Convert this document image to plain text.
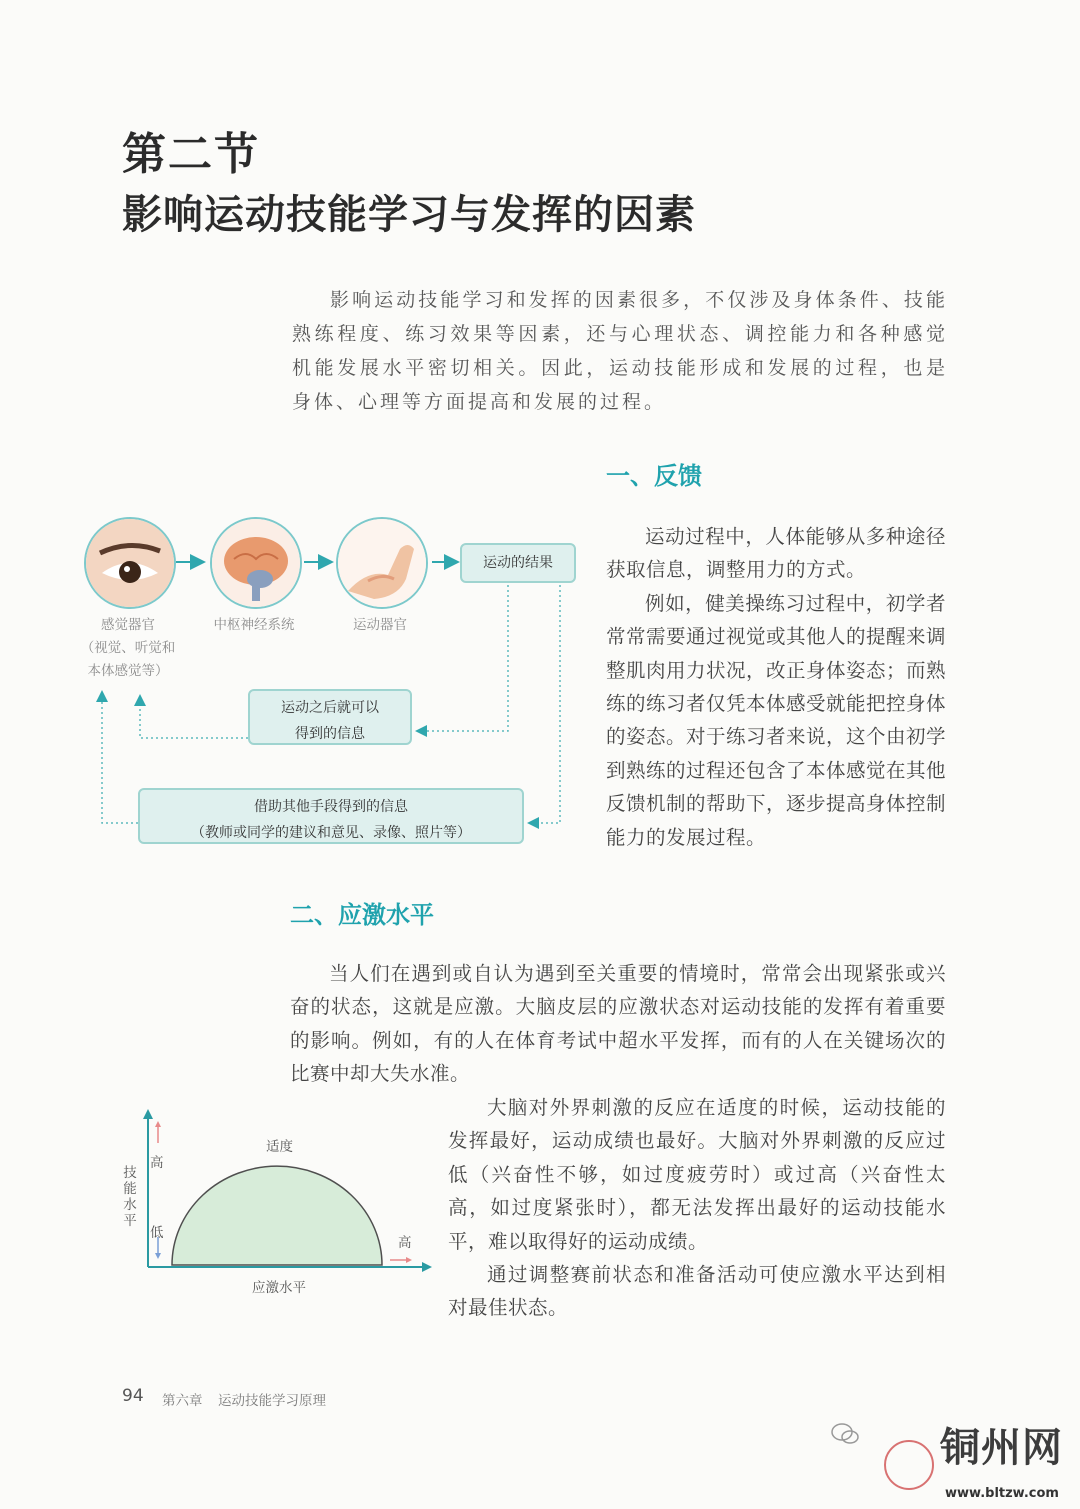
第二节
影响运动技能学习与发挥的因素

影响运动技能学习和发挥的因素很多，不仅涉及身体条件、技能熟练程度、练习效果等因素，还与心理状态、调控能力和各种感觉机能发展水平密切相关。因此，运动技能形成和发展的过程，也是身体、心理等方面提高和发展的过程。

一、反馈

运动过程中，人体能够从多种途径获取信息，调整用力的方式。

例如，健美操练习过程中，初学者常常需要通过视觉或其他人的提醒来调整肌肉用力状况，改正身体姿态；而熟练的练习者仅凭本体感受就能把控身体的姿态。对于练习者来说，这个由初学到熟练的过程还包含了本体感觉在其他反馈机制的帮助下，逐步提高身体控制能力的发展过程。

感觉器官
（视觉、听觉和
本体感觉等）
中枢神经系统	运动器官
运动的结果
运动之后就可以
得到的信息
借助其他手段得到的信息
（教师或同学的建议和意见、录像、照片等）
二、应激水平

当人们在遇到或自认为遇到至关重要的情境时，常常会出现紧张或兴奋的状态，这就是应激。大脑皮层的应激状态对运动技能的发挥有着重要的影响。例如，有的人在体育考试中超水平发挥，而有的人在关键场次的比赛中却大失水准。

大脑对外界刺激的反应在适度的时候，运动技能的发挥最好，运动成绩也最好。大脑对外界刺激的反应过低（兴奋性不够，如过度疲劳时）或过高（兴奋性太高，如过度紧张时），都无法发挥出最好的运动技能水平，难以取得好的运动成绩。

通过调整赛前状态和准备活动可使应激水平达到相对最佳状态。

技能水平
高
低
高
适度
应激水平
94 第六章 运动技能学习原理
铜州网
www.bltzw.com
